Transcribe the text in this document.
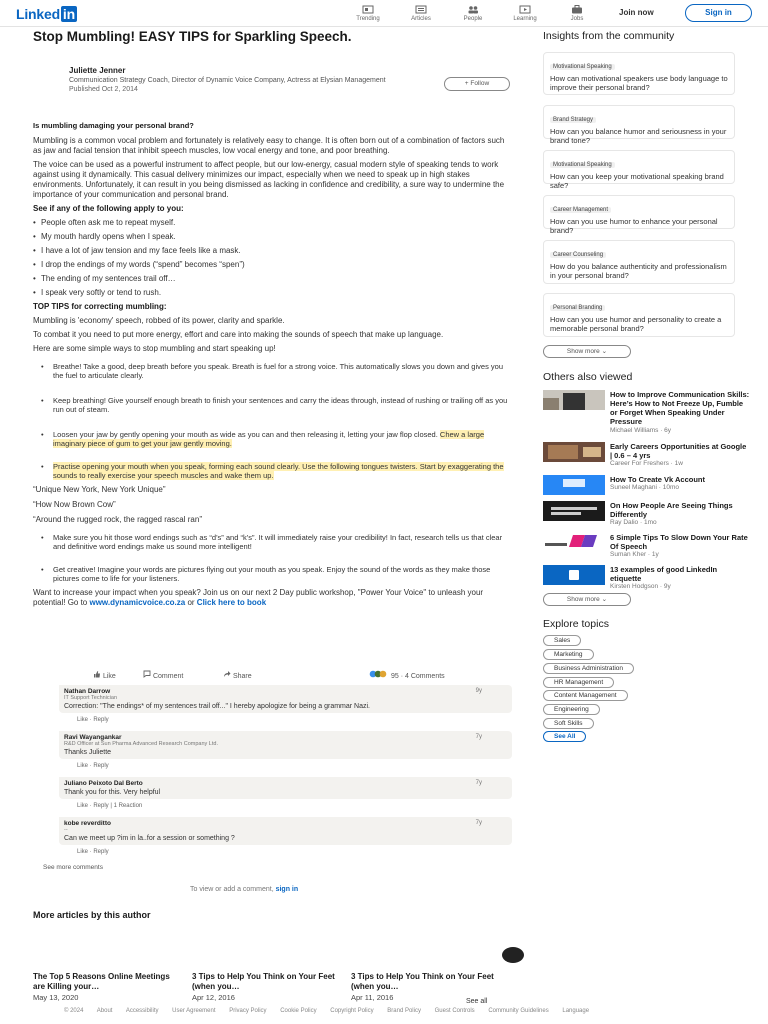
Linked in	Trending	Articles	People	Learning	Jobs
Join now	Sign in
Stop Mumbling! EASY TIPS for Sparkling Speech.
Juliette Jenner
Communication Strategy Coach, Director of Dynamic Voice Company, Actress at Elysian Management
Published Oct 2, 2014
+ Follow

Is mumbling damaging your personal brand?

Mumbling is a common vocal problem and fortunately is relatively easy to change. It is often born out of a combination of factors such as jaw and facial tension that inhibit speech muscles, low vocal energy and tone, and poor breathing.

The voice can be used as a powerful instrument to affect people, but our low-energy, casual modern style of speaking tends to work against using it dynamically. This casual delivery minimizes our impact, especially when we need to speak up in high stakes environments. Unfortunately, it can result in you being dismissed as lacking in confidence and credibility, a sure way to undermine the importance of your communication and personal brand.

See if any of the following apply to you:

• People often ask me to repeat myself.

• My mouth hardly opens when I speak.

• I have a lot of jaw tension and my face feels like a mask.

• I drop the endings of my words (“spend” becomes “spen”)

• The ending of my sentences trail off…

• I speak very softly or tend to rush.

TOP TIPS for correcting mumbling:

Mumbling is 'economy' speech, robbed of its power, clarity and sparkle.

To combat it you need to put more energy, effort and care into making the sounds of speech that make up language.

Here are some simple ways to stop mumbling and start speaking up!

• Breathe! Take a good, deep breath before you speak. Breath is fuel for a strong voice. This automatically slows you down and gives you the fuel to articulate clearly.

• Keep breathing! Give yourself enough breath to finish your sentences and carry the ideas through, instead of rushing or trailing off as you run out of steam.

• Loosen your jaw by gently opening your mouth as wide as you can and then releasing it, letting your jaw flop closed. Chew a large imaginary piece of gum to get your jaw gently moving.

• Practise opening your mouth when you speak, forming each sound clearly. Use the following tongues twisters. Start by exaggerating the sounds to really exercise your speech muscles and wake them up.

“Unique New York, New York Unique”

“How Now Brown Cow”

“Around the rugged rock, the ragged rascal ran”

• Make sure you hit those word endings such as “d’s” and “k’s”. It will immediately raise your credibility! In fact, research tells us that clear and definitive word endings make us sound more intelligent!

• Get creative! Imagine your words are pictures flying out your mouth as you speak. Enjoy the sound of the words as they make those pictures come to life for your listeners.

Want to increase your impact when you speak? Join us on our next 2 Day public workshop, "Power Your Voice" to unleash your potential! Go to www.dynamicvoice.co.za or Click here to book

Like	Comment	Share	95 · 4 Comments
Nathan Darrow
IT Support Technician
9y
Correction: "The endings* of my sentences trail off..." I hereby apologize for being a grammar Nazi.
Like · Reply
Ravi Wayangankar
R&D Officer at Sun Pharma Advanced Research Company Ltd.
7y
Thanks Juliette
Like · Reply
Juliano Peixoto Dal Berto	7y
Thank you for this. Very helpful
Like · Reply | 1 Reaction
kobe reverditto
--
7y
Can we meet up ?im in la..for a session or something ?
Like · Reply
See more comments
To view or add a comment, sign in
More articles by this author
The Top 5 Reasons Online Meetings are Killing your…
May 13, 2020
3 Tips to Help You Think on Your Feet (when you…
Apr 12, 2016
3 Tips to Help You Think on Your Feet (when you…
Apr 11, 2016	See all
© 2024 About Accessibility User Agreement Privacy Policy Cookie Policy Copyright Policy Brand Policy Guest Controls Community Guidelines Language
Insights from the community
Motivational Speaking
How can motivational speakers use body language to improve their personal brand?
Brand Strategy
How can you balance humor and seriousness in your brand tone?
Motivational Speaking
How can you keep your motivational speaking brand safe?
Career Management
How can you use humor to enhance your personal brand?
Career Counseling
How do you balance authenticity and professionalism in your personal brand?
Personal Branding
How can you use humor and personality to create a memorable personal brand?
Show more ⌄
Others also viewed
How to Improve Communication Skills: Here’s How to Not Freeze Up, Fumble or Forget When Speaking Under Pressure
Michael Williams · 6y
Early Careers Opportunities at Google | 0.6 – 4 yrs
Career For Freshers · 1w
How To Create Vk Account
Suneel Maghani · 10mo
On How People Are Seeing Things Differently
Ray Dalio · 1mo
6 Simple Tips To Slow Down Your Rate Of Speech
Suman Kher · 1y
13 examples of good LinkedIn etiquette
Kirsten Hodgson · 9y
Show more ⌄
Explore topics
Sales
Marketing
Business Administration
HR Management
Content Management
Engineering
Soft Skills
See All
